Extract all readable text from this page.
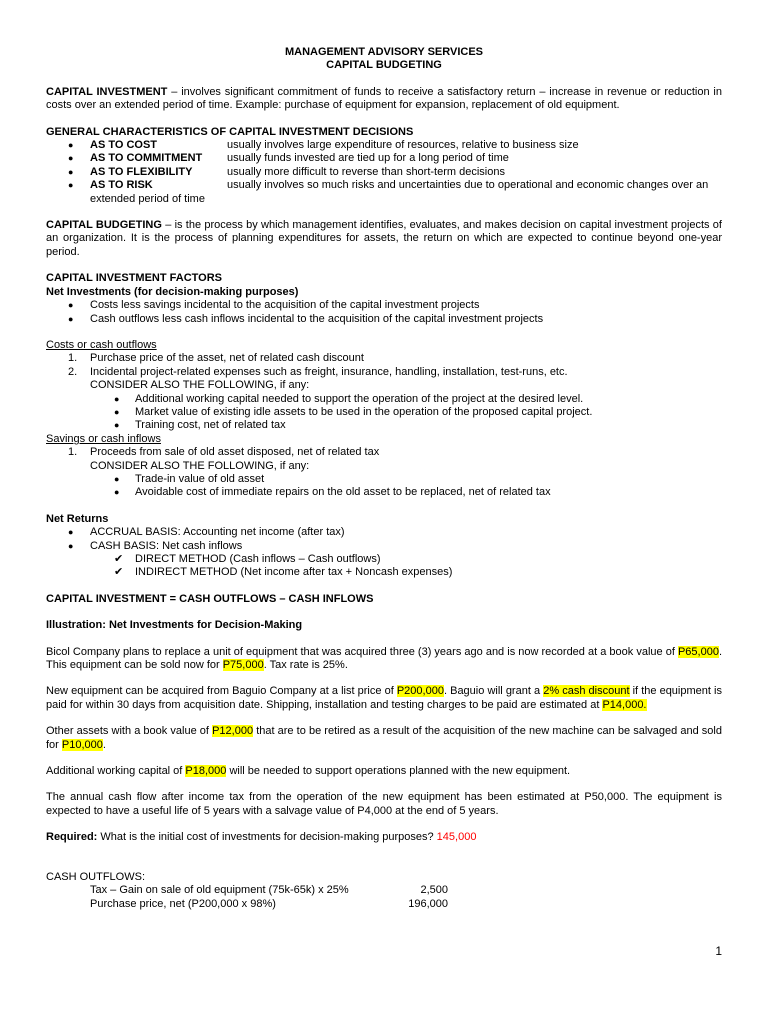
MANAGEMENT ADVISORY SERVICES
CAPITAL BUDGETING

CAPITAL INVESTMENT – involves significant commitment of funds to receive a satisfactory return – increase in revenue or reduction in costs over an extended period of time. Example: purchase of equipment for expansion, replacement of old equipment.

GENERAL CHARACTERISTICS OF CAPITAL INVESTMENT DECISIONS
● AS TO COST	usually involves large expenditure of resources, relative to business size
● AS TO COMMITMENT usually funds invested are tied up for a long period of time
● AS TO FLEXIBILITY	usually more difficult to reverse than short-term decisions
● AS TO RISK	usually involves so much risks and uncertainties due to operational and economic changes over an
extended period of time

CAPITAL BUDGETING – is the process by which management identifies, evaluates, and makes decision on capital investment projects of an organization. It is the process of planning expenditures for assets, the return on which are expected to continue beyond one-year period.

CAPITAL INVESTMENT FACTORS
Net Investments (for decision-making purposes)
● Costs less savings incidental to the acquisition of the capital investment projects
● Cash outflows less cash inflows incidental to the acquisition of the capital investment projects
Costs or cash outflows
1. Purchase price of the asset, net of related cash discount
2. Incidental project-related expenses such as freight, insurance, handling, installation, test-runs, etc.
CONSIDER ALSO THE FOLLOWING, if any:
● Additional working capital needed to support the operation of the project at the desired level.
● Market value of existing idle assets to be used in the operation of the proposed capital project.
● Training cost, net of related tax
Savings or cash inflows
1. Proceeds from sale of old asset disposed, net of related tax
CONSIDER ALSO THE FOLLOWING, if any:
● Trade-in value of old asset
● Avoidable cost of immediate repairs on the old asset to be replaced, net of related tax
Net Returns
● ACCRUAL BASIS: Accounting net income (after tax)
● CASH BASIS: Net cash inflows
✔ DIRECT METHOD (Cash inflows – Cash outflows)
✔ INDIRECT METHOD (Net income after tax + Noncash expenses)
CAPITAL INVESTMENT = CASH OUTFLOWS – CASH INFLOWS
Illustration: Net Investments for Decision-Making

Bicol Company plans to replace a unit of equipment that was acquired three (3) years ago and is now recorded at a book value of P65,000. This equipment can be sold now for P75,000. Tax rate is 25%.

New equipment can be acquired from Baguio Company at a list price of P200,000. Baguio will grant a 2% cash discount if the equipment is paid for within 30 days from acquisition date. Shipping, installation and testing charges to be paid are estimated at P14,000.

Other assets with a book value of P12,000 that are to be retired as a result of the acquisition of the new machine can be salvaged and sold for P10,000.

Additional working capital of P18,000 will be needed to support operations planned with the new equipment.

The annual cash flow after income tax from the operation of the new equipment has been estimated at P50,000. The equipment is expected to have a useful life of 5 years with a salvage value of P4,000 at the end of 5 years.

Required: What is the initial cost of investments for decision-making purposes? 145,000

CASH OUTFLOWS:
Tax – Gain on sale of old equipment (75k-65k) x 25%	2,500
Purchase price, net (P200,000 x 98%)	196,000
1
